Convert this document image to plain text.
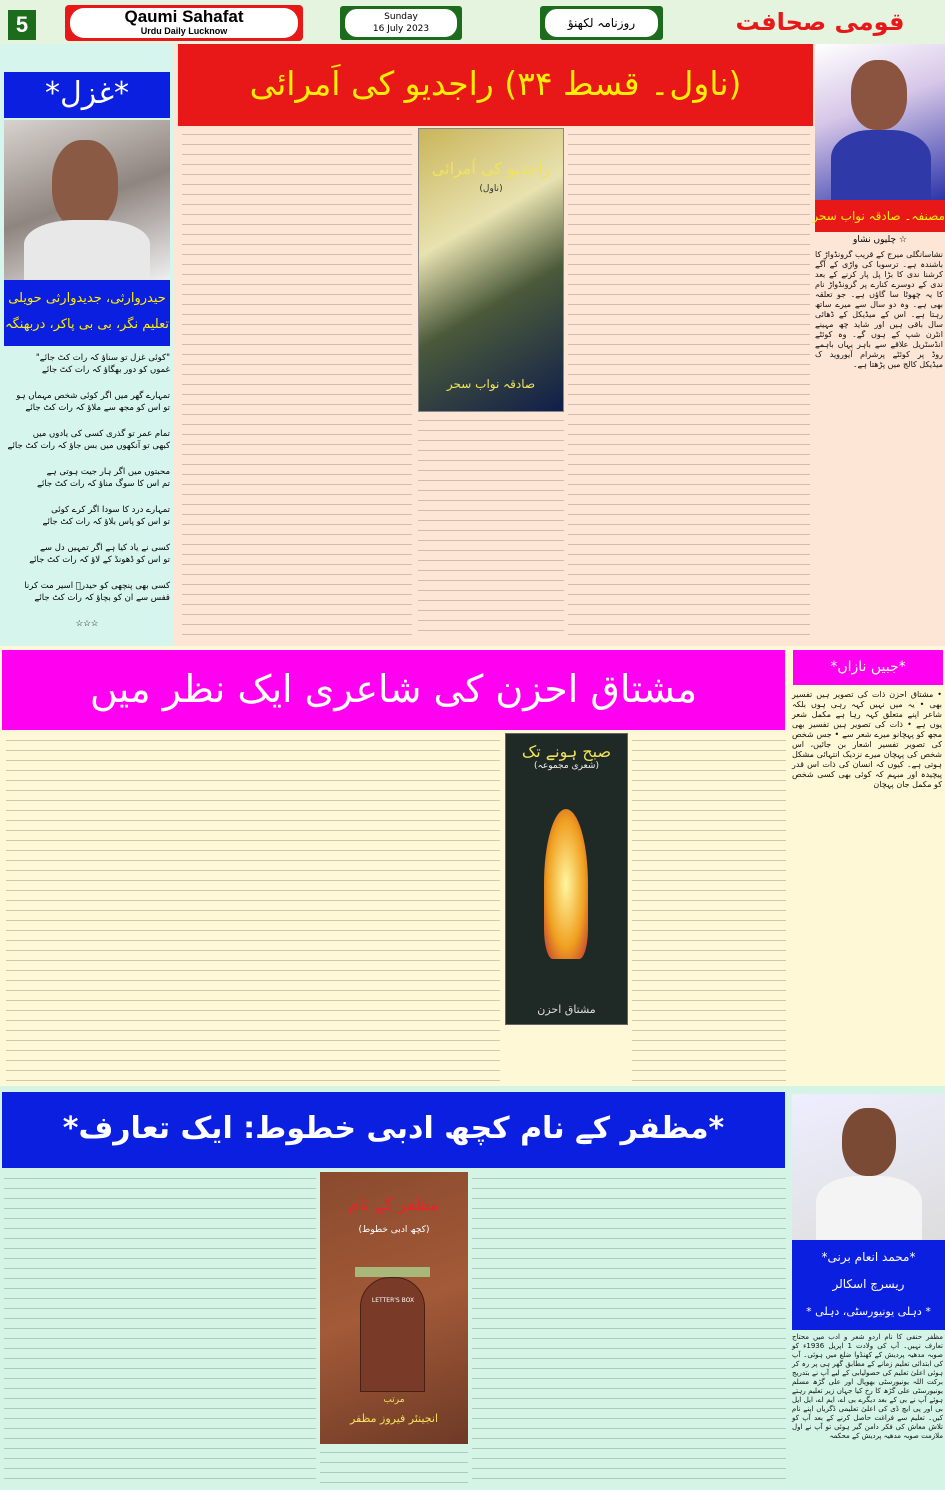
5	Qaumi Sahafat
Urdu Daily Lucknow
Sunday
16 July 2023	روزنامہ لکھنؤ	قومی صحافت
*غزل*
حیدروارثی، جدیدوارثی حویلی
تعلیم نگر، بی بی پاکر، دربھنگہ
"کوئی غزل تو سناؤ کہ رات کٹ جائے"
غموں کو دور بھگاؤ کہ رات کٹ جائے
تمہارے گھر میں اگر کوئی شخص مہماں ہو
تو اس کو مجھ سے ملاؤ کہ رات کٹ جائے
تمام عمر تو گذری کسی کی یادوں میں
کبھی تو آنکھوں میں بس جاؤ کہ رات کٹ جائے
محبتوں میں اگر ہار جیت ہوتی ہے
تم اس کا سوگ مناؤ کہ رات کٹ جائے
تمہارے درد کا سودا اگر کرے کوئی
تو اس کو پاس بلاؤ کہ رات کٹ جائے
کسی نے یاد کیا ہے اگر تمہیں دل سے
تو اس کو ڈھونڈ کے لاؤ کہ رات کٹ جائے
کسی بھی پنچھی کو حیدرؔ اسیر مت کرنا
قفس سے ان کو بچاؤ کہ رات کٹ جائے
☆☆☆
(ناول۔ قسط ۳۴) راجدیو کی اَمرائی
مصنفہ۔ صادقہ نواب سحر
☆ چلیوں نشاو
نشاسانگلی میرج کے قریب گرونڈواڑ کا باشندہ ہے۔ ترسوبا کی واڑی کے آگے کرشنا ندی کا بڑا پل پار کرنے کے بعد ندی کے دوسرے کنارے پر گرونڈواڑ نام کا یہ چھوٹا سا گاؤں ہے۔ جو تعلقہ بھی ہے۔ وہ دو سال سے میرے ساتھ رہتا ہے۔ اس کے میڈیکل کے ڈھائی سال باقی ہیں اور شاید چھ مہینے انٹرن شپ کے ہوں گے۔ وہ کوئٹے انڈسٹریل علاقے سے باہر یہاں باہمے روڈ پر کوئٹے پرشرام آیوروید ک میڈیکل کالج میں پڑھتا ہے۔
راجدیو کی اَمرائی
(ناول)
صادقہ نواب سحر
مشتاق احزن کی شاعری ایک نظر میں	*جبیں نازاں*
• مشتاق احزن ذات کی تصویر ہیں تفسیر بھی • یہ میں نہیں کہہ رہی ہوں بلکہ شاعر اپنے متعلق کہہ رہا ہے مکمل شعر یوں ہے • ذات کی تصویر ہیں تفسیر بھی مجھ کو پہچانو میرے شعر سے • جس شخص کی تصویر تفسیر اشعار بن جائیں، اس شخص کی پہچان میرے نزدیک انتہائی مشکل ہوتی ہے۔ کیوں کہ انسان کی ذات اس قدر پیچیدہ اور مبہم کہ کوئی بھی کسی شخص کو مکمل جان پہچان
صبح ہونے تک
(شعری مجموعہ)
مشتاق احزن
*مظفر کے نام کچھ ادبی خطوط: ایک تعارف*
*محمد انعام برنی*
ریسرچ اسکالر
* دہلی یونیورسٹی، دہلی *
مظفر حنفی کا نام اردو شعر و ادب میں محتاج تعارف نہیں۔ آپ کی ولادت 1 اپریل 1936ء کو صوبہ مدھیہ پردیش کے کھنڈوا ضلع میں ہوئی۔ آپ کی ابتدائی تعلیم زمانے کے مطابق گھر ہی پر رہ کر ہوئی اعلیٰ تعلیم کی حصولیابی کے لیے آپ نے بتدریج برکت اللہ یونیورسٹی بھوپال اور علی گڑھ مسلم یونیورسٹی علی گڑھ کا رخ کیا جہاں زیر تعلیم رہتے ہوئے آپ نے بی کے بعد دیگرے بی اے، ایم اے، ایل ایل بی اور پی ایچ ڈی کی اعلیٰ تعلیمی ڈگریاں اپنے نام کیں۔ تعلیم سے فراغت حاصل کرنے کے بعد آپ کو تلاش معاش کی فکر دامن گیر ہوئی تو آپ نے اول ملازمت صوبہ مدھیہ پردیش کے محکمہ
مظفر کے نام
(کچھ ادبی خطوط)
LETTER'S BOX
مرتب
انجینئر فیروز مظفر
